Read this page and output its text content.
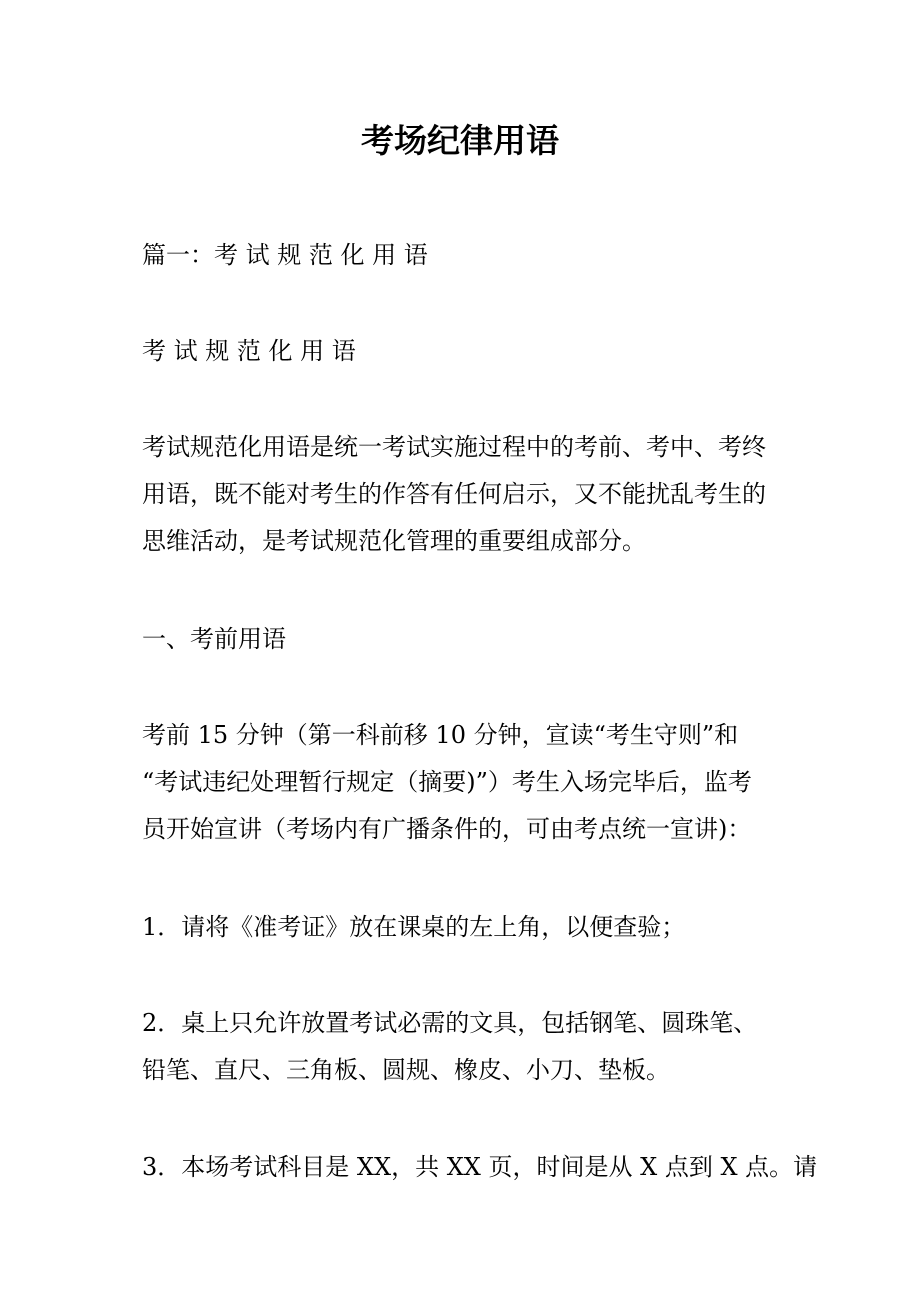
考场纪律用语

篇一：考 试 规 范 化 用 语

考 试 规 范 化 用 语

考试规范化用语是统一考试实施过程中的考前、考中、考终
用语，既不能对考生的作答有任何启示，又不能扰乱考生的
思维活动，是考试规范化管理的重要组成部分。

一、考前用语

考前 15 分钟（第一科前移 10 分钟，宣读“考生守则”和
“考试违纪处理暂行规定（摘要)”）考生入场完毕后，监考
员开始宣讲（考场内有广播条件的，可由考点统一宣讲)：

1．请将《准考证》放在课桌的左上角，以便查验；

2．桌上只允许放置考试必需的文具，包括钢笔、圆珠笔、
铅笔、直尺、三角板、圆规、橡皮、小刀、垫板。

3．本场考试科目是 XX，共 XX 页，时间是从 X 点到 X 点。请
